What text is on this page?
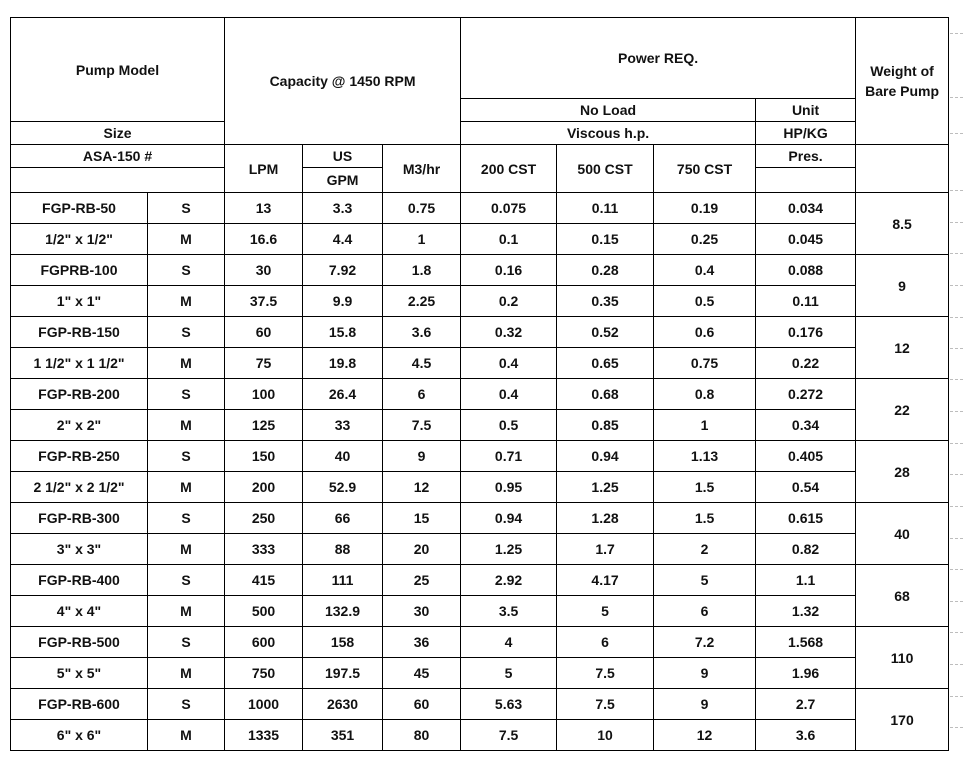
Pump Model		Capacity @ 1450 RPM			Power REQ.				Weight of Bare Pump
					No Load			Unit	
Size					Viscous h.p.			HP/KG	
ASA-150 #		LPM	US	M3/hr	200 CST	500 CST	750 CST	Pres.	
			GPM						
FGP-RB-50	S	13	3.3	0.75	0.075	0.11	0.19	0.034	8.5
1/2" x 1/2"	M	16.6	4.4	1	0.1	0.15	0.25	0.045	
FGPRB-100	S	30	7.92	1.8	0.16	0.28	0.4	0.088	9
1" x 1"	M	37.5	9.9	2.25	0.2	0.35	0.5	0.11	
FGP-RB-150	S	60	15.8	3.6	0.32	0.52	0.6	0.176	12
1 1/2" x 1 1/2"	M	75	19.8	4.5	0.4	0.65	0.75	0.22	
FGP-RB-200	S	100	26.4	6	0.4	0.68	0.8	0.272	22
2" x 2"	M	125	33	7.5	0.5	0.85	1	0.34	
FGP-RB-250	S	150	40	9	0.71	0.94	1.13	0.405	28
2 1/2" x 2 1/2"	M	200	52.9	12	0.95	1.25	1.5	0.54	
FGP-RB-300	S	250	66	15	0.94	1.28	1.5	0.615	40
3" x 3"	M	333	88	20	1.25	1.7	2	0.82	
FGP-RB-400	S	415	111	25	2.92	4.17	5	1.1	68
4" x 4"	M	500	132.9	30	3.5	5	6	1.32	
FGP-RB-500	S	600	158	36	4	6	7.2	1.568	110
5" x 5"	M	750	197.5	45	5	7.5	9	1.96	
FGP-RB-600	S	1000	2630	60	5.63	7.5	9	2.7	170
6" x 6"	M	1335	351	80	7.5	10	12	3.6	
